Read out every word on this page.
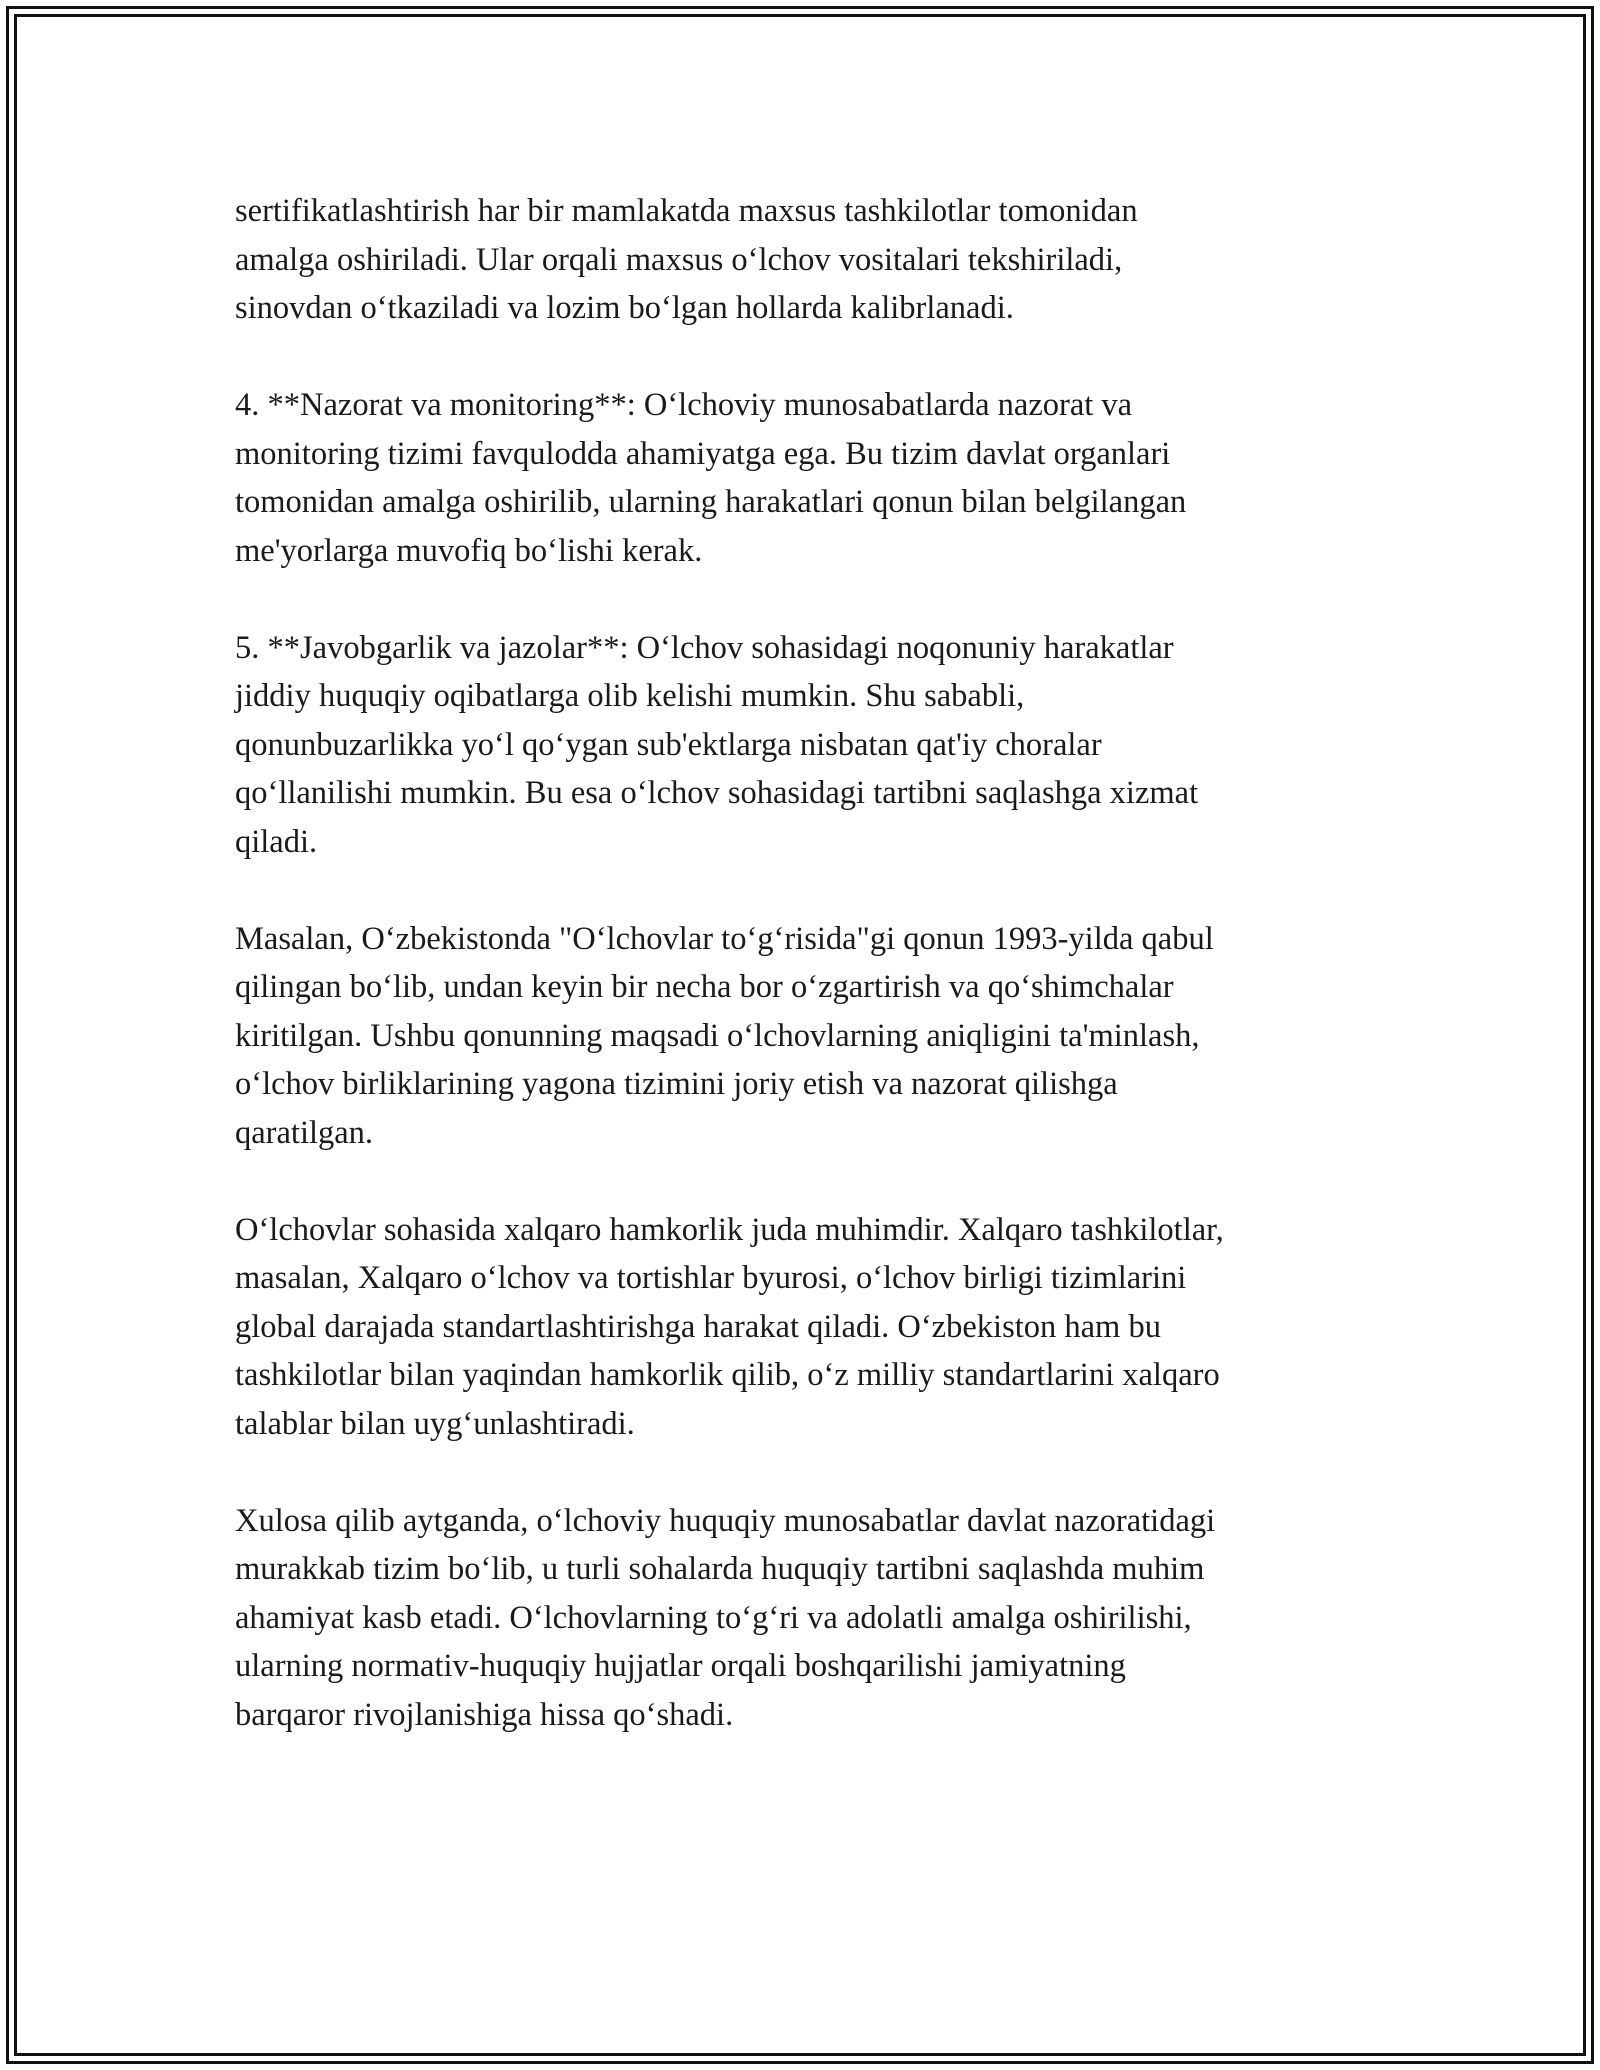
sertifikatlashtirish har bir mamlakatda maxsus tashkilotlar tomonidan
amalga oshiriladi. Ular orqali maxsus o‘lchov vositalari tekshiriladi,
sinovdan o‘tkaziladi va lozim bo‘lgan hollarda kalibrlanadi.

4. **Nazorat va monitoring**: O‘lchoviy munosabatlarda nazorat va
monitoring tizimi favqulodda ahamiyatga ega. Bu tizim davlat organlari
tomonidan amalga oshirilib, ularning harakatlari qonun bilan belgilangan
me'yorlarga muvofiq bo‘lishi kerak.

5. **Javobgarlik va jazolar**: O‘lchov sohasidagi noqonuniy harakatlar
jiddiy huquqiy oqibatlarga olib kelishi mumkin. Shu sababli,
qonunbuzarlikka yo‘l qo‘ygan sub'ektlarga nisbatan qat'iy choralar
qo‘llanilishi mumkin. Bu esa o‘lchov sohasidagi tartibni saqlashga xizmat
qiladi.

Masalan, O‘zbekistonda "O‘lchovlar to‘g‘risida"gi qonun 1993-yilda qabul
qilingan bo‘lib, undan keyin bir necha bor o‘zgartirish va qo‘shimchalar
kiritilgan. Ushbu qonunning maqsadi o‘lchovlarning aniqligini ta'minlash,
o‘lchov birliklarining yagona tizimini joriy etish va nazorat qilishga
qaratilgan.

O‘lchovlar sohasida xalqaro hamkorlik juda muhimdir. Xalqaro tashkilotlar,
masalan, Xalqaro o‘lchov va tortishlar byurosi, o‘lchov birligi tizimlarini
global darajada standartlashtirishga harakat qiladi. O‘zbekiston ham bu
tashkilotlar bilan yaqindan hamkorlik qilib, o‘z milliy standartlarini xalqaro
talablar bilan uyg‘unlashtiradi.

Xulosa qilib aytganda, o‘lchoviy huquqiy munosabatlar davlat nazoratidagi
murakkab tizim bo‘lib, u turli sohalarda huquqiy tartibni saqlashda muhim
ahamiyat kasb etadi. O‘lchovlarning to‘g‘ri va adolatli amalga oshirilishi,
ularning normativ-huquqiy hujjatlar orqali boshqarilishi jamiyatning
barqaror rivojlanishiga hissa qo‘shadi.
